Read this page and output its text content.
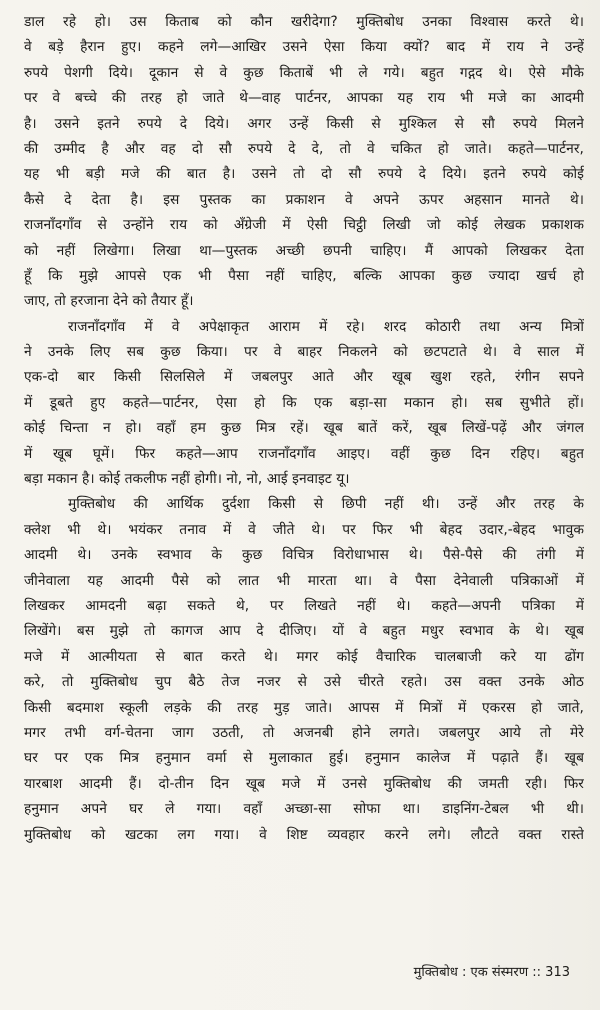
डाल रहे हो। उस किताब को कौन खरीदेगा? मुक्तिबोध उनका विश्वास करते थे।
वे बड़े हैरान हुए। कहने लगे—आखिर उसने ऐसा किया क्यों? बाद में राय ने उन्हें
रुपये पेशगी दिये। दूकान से वे कुछ किताबें भी ले गये। बहुत गद्गद थे। ऐसे मौके
पर वे बच्चे की तरह हो जाते थे—वाह पार्टनर, आपका यह राय भी मजे का आदमी
है। उसने इतने रुपये दे दिये। अगर उन्हें किसी से मुश्किल से सौ रुपये मिलने
की उम्मीद है और वह दो सौ रुपये दे दे, तो वे चकित हो जाते। कहते—पार्टनर,
यह भी बड़ी मजे की बात है। उसने तो दो सौ रुपये दे दिये। इतने रुपये कोई
कैसे दे देता है। इस पुस्तक का प्रकाशन वे अपने ऊपर अहसान मानते थे।
राजनाँदगाँव से उन्होंने राय को अँग्रेजी में ऐसी चिट्ठी लिखी जो कोई लेखक प्रकाशक
को नहीं लिखेगा। लिखा था—पुस्तक अच्छी छपनी चाहिए। मैं आपको लिखकर देता
हूँ कि मुझे आपसे एक भी पैसा नहीं चाहिए, बल्कि आपका कुछ ज्यादा खर्च हो
जाए, तो हरजाना देने को तैयार हूँ।
राजनाँदगाँव में वे अपेक्षाकृत आराम में रहे। शरद कोठारी तथा अन्य मित्रों
ने उनके लिए सब कुछ किया। पर वे बाहर निकलने को छटपटाते थे। वे साल में
एक-दो बार किसी सिलसिले में जबलपुर आते और खूब खुश रहते, रंगीन सपने
में डूबते हुए कहते—पार्टनर, ऐसा हो कि एक बड़ा-सा मकान हो। सब सुभीते हों।
कोई चिन्ता न हो। वहाँ हम कुछ मित्र रहें। खूब बातें करें, खूब लिखें-पढ़ें और जंगल
में खूब घूमें। फिर कहते—आप राजनाँदगाँव आइए। वहीं कुछ दिन रहिए। बहुत
बड़ा मकान है। कोई तकलीफ नहीं होगी। नो, नो, आई इनवाइट यू।
मुक्तिबोध की आर्थिक दुर्दशा किसी से छिपी नहीं थी। उन्हें और तरह के
क्लेश भी थे। भयंकर तनाव में वे जीते थे। पर फिर भी बेहद उदार,-बेहद भावुक
आदमी थे। उनके स्वभाव के कुछ विचित्र विरोधाभास थे। पैसे-पैसे की तंगी में
जीनेवाला यह आदमी पैसे को लात भी मारता था। वे पैसा देनेवाली पत्रिकाओं में
लिखकर आमदनी बढ़ा सकते थे, पर लिखते नहीं थे। कहते—अपनी पत्रिका में
लिखेंगे। बस मुझे तो कागज आप दे दीजिए। यों वे बहुत मधुर स्वभाव के थे। खूब
मजे में आत्मीयता से बात करते थे। मगर कोई वैचारिक चालबाजी करे या ढोंग
करे, तो मुक्तिबोध चुप बैठे तेज नजर से उसे चीरते रहते। उस वक्त उनके ओठ
किसी बदमाश स्कूली लड़के की तरह मुड़ जाते। आपस में मित्रों में एकरस हो जाते,
मगर तभी वर्ग-चेतना जाग उठती, तो अजनबी होने लगते। जबलपुर आये तो मेरे
घर पर एक मित्र हनुमान वर्मा से मुलाकात हुई। हनुमान कालेज में पढ़ाते हैं। खूब
यारबाश आदमी हैं। दो-तीन दिन खूब मजे में उनसे मुक्तिबोध की जमती रही। फिर
हनुमान अपने घर ले गया। वहाँ अच्छा-सा सोफा था। डाइनिंग-टेबल भी थी।
मुक्तिबोध को खटका लग गया। वे शिष्ट व्यवहार करने लगे। लौटते वक्त रास्ते
मुक्तिबोध : एक संस्मरण :: 313
